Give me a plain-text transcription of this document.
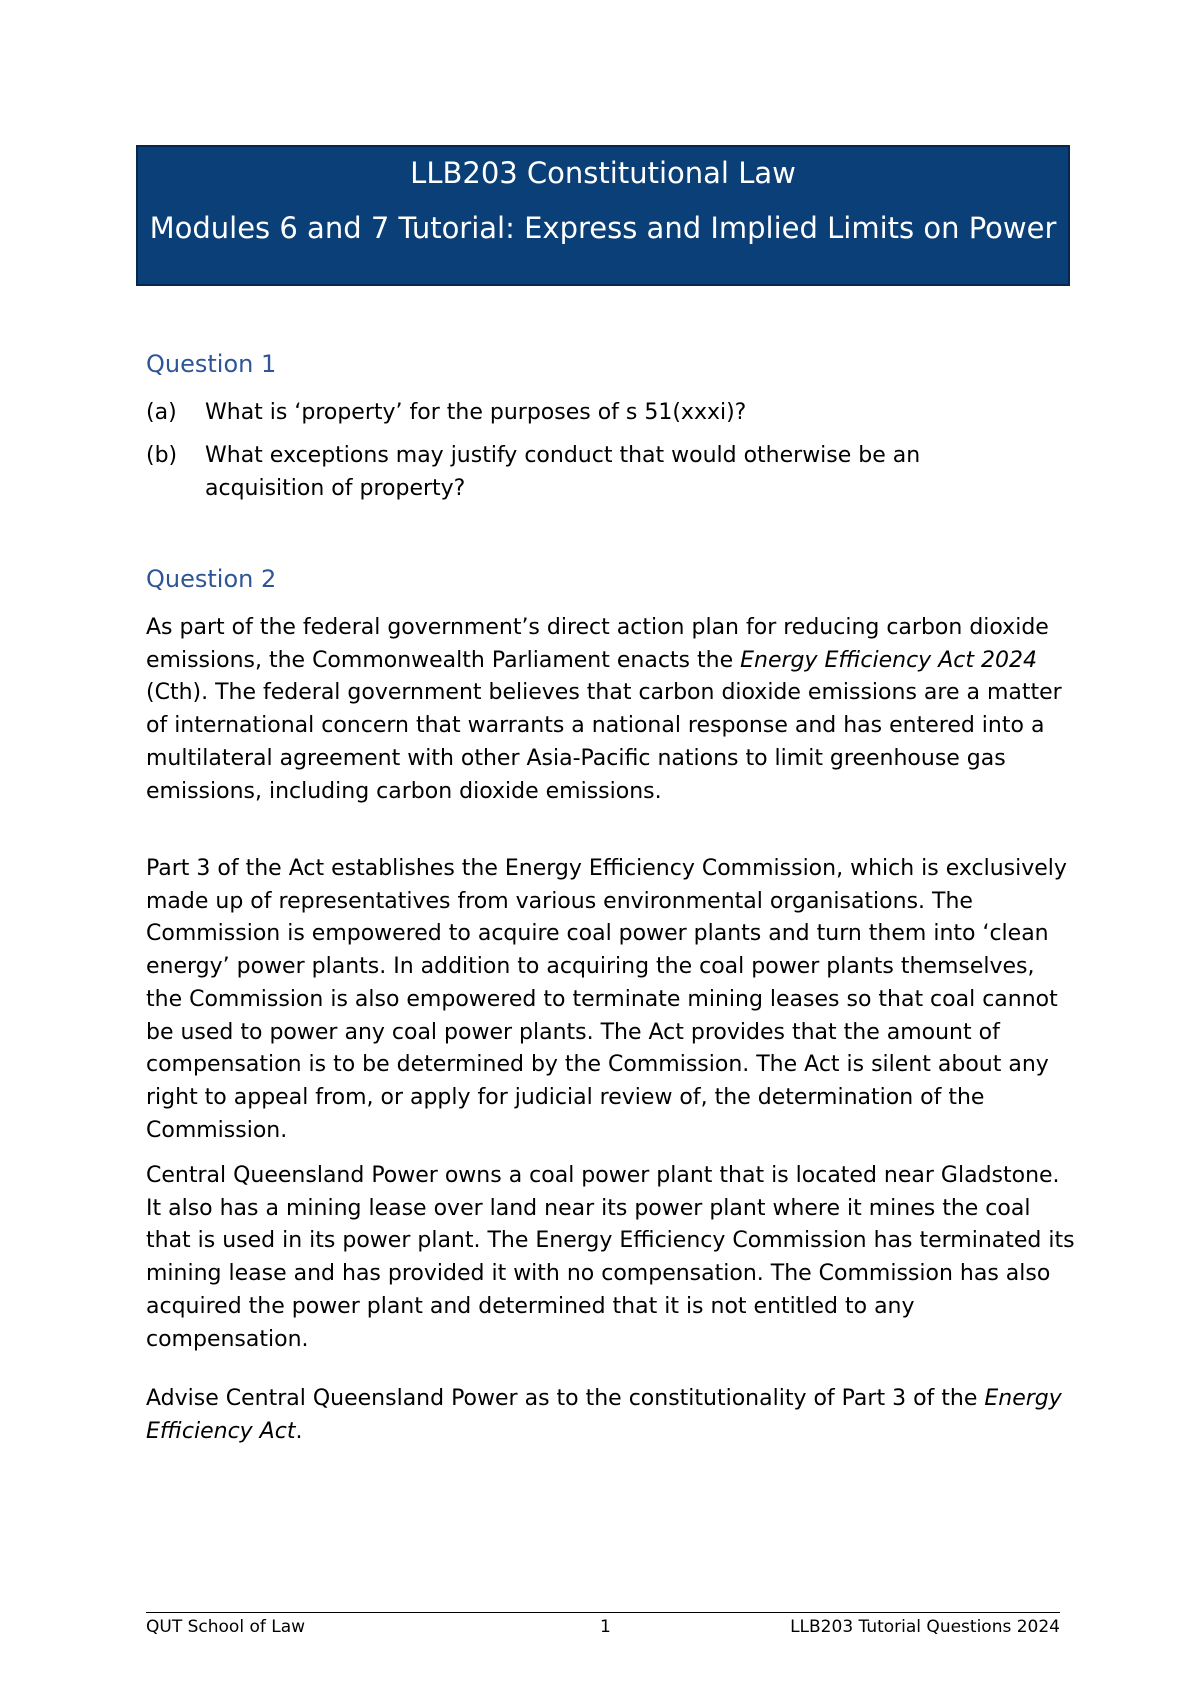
LLB203 Constitutional Law
Modules 6 and 7 Tutorial: Express and Implied Limits on Power
Question 1
(a) What is ‘property’ for the purposes of s 51(xxxi)?
(b) What exceptions may justify conduct that would otherwise be an acquisition of property?
Question 2

As part of the federal government’s direct action plan for reducing carbon dioxide emissions, the Commonwealth Parliament enacts the Energy Efficiency Act 2024 (Cth). The federal government believes that carbon dioxide emissions are a matter of international concern that warrants a national response and has entered into a multilateral agreement with other Asia-Pacific nations to limit greenhouse gas emissions, including carbon dioxide emissions.

Part 3 of the Act establishes the Energy Efficiency Commission, which is exclusively made up of representatives from various environmental organisations. The Commission is empowered to acquire coal power plants and turn them into ‘clean energy’ power plants. In addition to acquiring the coal power plants themselves, the Commission is also empowered to terminate mining leases so that coal cannot be used to power any coal power plants. The Act provides that the amount of compensation is to be determined by the Commission. The Act is silent about any right to appeal from, or apply for judicial review of, the determination of the Commission.

Central Queensland Power owns a coal power plant that is located near Gladstone. It also has a mining lease over land near its power plant where it mines the coal that is used in its power plant. The Energy Efficiency Commission has terminated its mining lease and has provided it with no compensation. The Commission has also acquired the power plant and determined that it is not entitled to any compensation.

Advise Central Queensland Power as to the constitutionality of Part 3 of the Energy Efficiency Act.

QUT School of Law	1	LLB203 Tutorial Questions 2024
